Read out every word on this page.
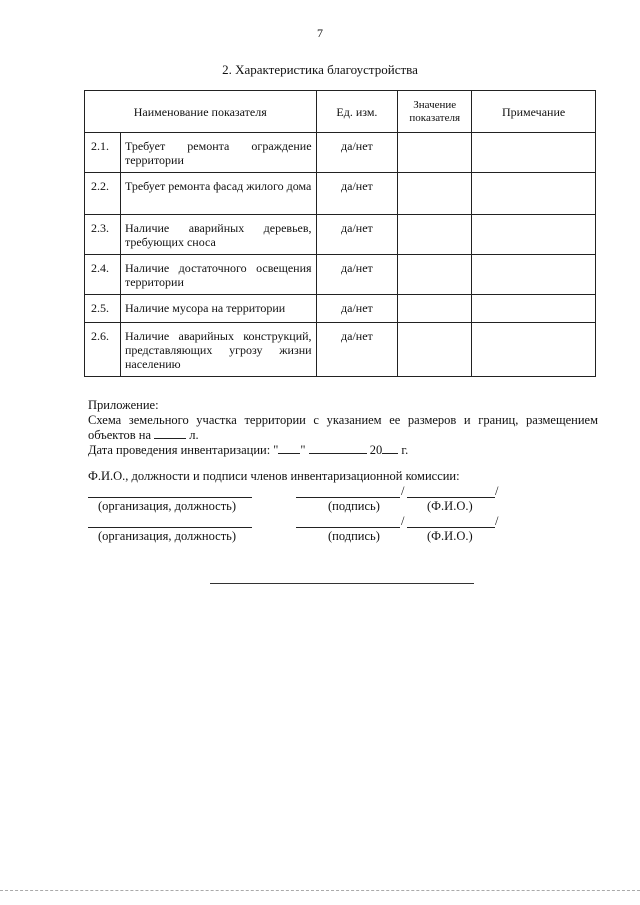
7
2. Характеристика благоустройства
Наименование показателя		Ед. изм.	Значение показателя	Примечание
2.1.	Требует ремонта ограждение территории	да/нет		
2.2.	Требует ремонта фасад жилого дома	да/нет		
2.3.	Наличие аварийных деревьев, требующих сноса	да/нет		
2.4.	Наличие достаточного освещения территории	да/нет		
2.5.	Наличие мусора на территории	да/нет		
2.6.	Наличие аварийных конструкций, представляющих угрозу жизни населению	да/нет		
Приложение:
Схема земельного участка территории с указанием ее размеров и границ, размещением
объектов на	л.
Дата проведения инвентаризации: " "	20 г.
Ф.И.О., должности и подписи членов инвентаризационной комиссии:
/	/
(организация, должность)	(подпись)	(Ф.И.О.)
/	/
(организация, должность)	(подпись)	(Ф.И.О.)
